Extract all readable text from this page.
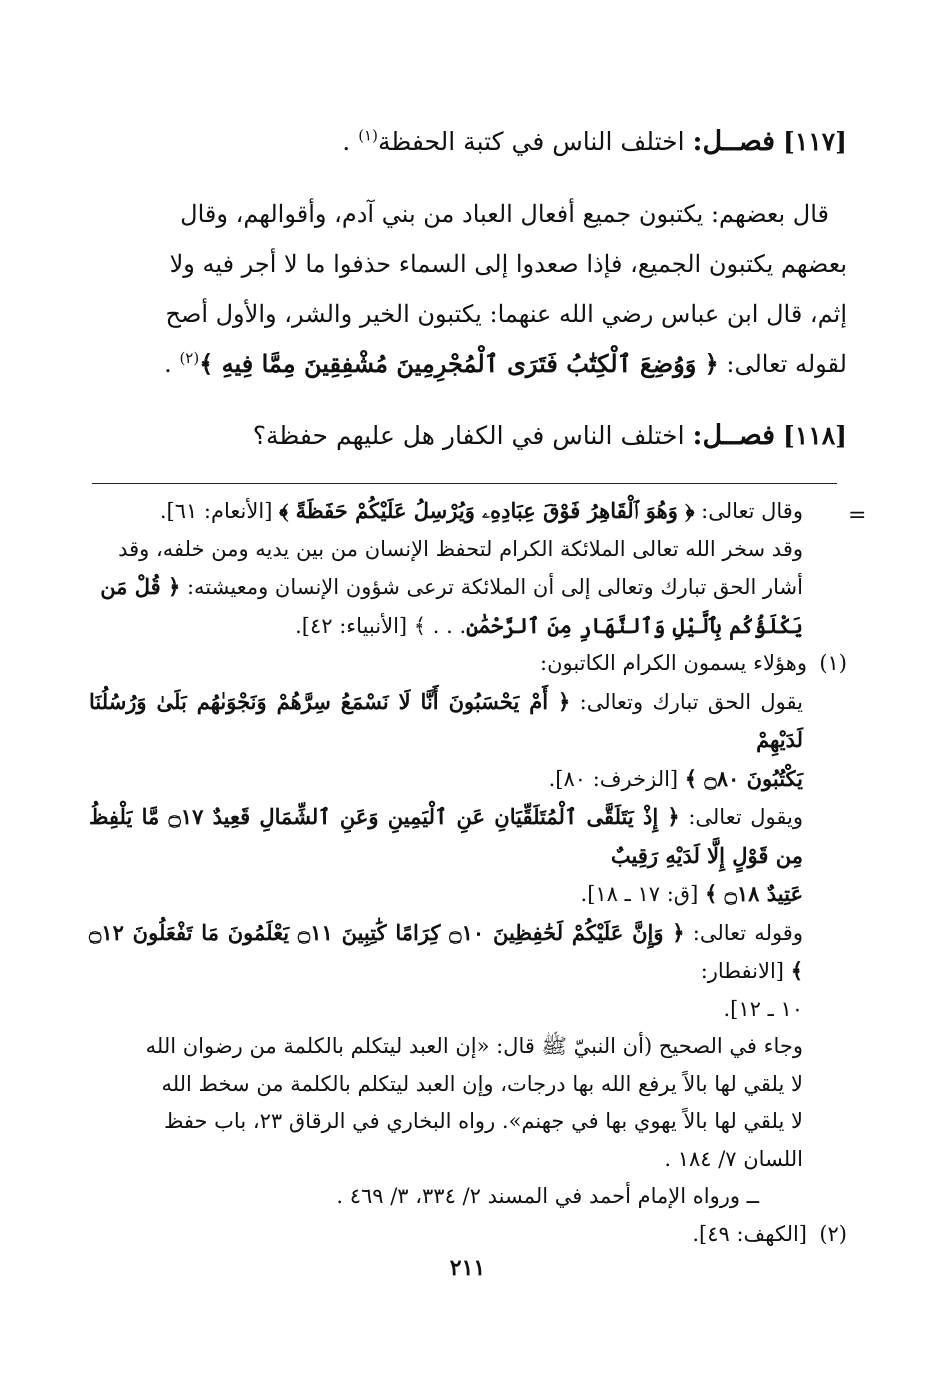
[١١٧] فصــل: اختلف الناس في كتبة الحفظة$^{(١)}$ .
قال بعضهم: يكتبون جميع أفعال العباد من بني آدم، وأقوالهم، وقال
بعضهم يكتبون الجميع، فإذا صعدوا إلى السماء حذفوا ما لا أجر فيه ولا
إثم، قال ابن عباس رضي الله عنهما: يكتبون الخير والشر، والأول أصح
لقوله تعالى: ﴿ وَوُضِعَ ٱلْكِتَٰبُ فَتَرَى ٱلْمُجْرِمِينَ مُشْفِقِينَ مِمَّا فِيهِ ﴾$^{(٢)}$ .
[١١٨] فصــل: اختلف الناس في الكفار هل عليهم حفظة؟
=

وقال تعالى: ﴿ وَهُوَ ٱلْقَاهِرُ فَوْقَ عِبَادِهِۦ وَيُرْسِلُ عَلَيْكُمْ حَفَظَةً ﴾ [الأنعام: ٦١].

وقد سخر الله تعالى الملائكة الكرام لتحفظ الإنسان من بين يديه ومن خلفه، وقد

أشار الحق تبارك وتعالى إلى أن الملائكة ترعى شؤون الإنسان ومعيشته: ﴿ قُلْ مَن

يَكْلَؤُكُم بِٱلَّيْلِ وَٱلنَّهَارِ مِنَ ٱلرَّحْمَٰنِ. . . ﴾ [الأنبياء: ٤٢].

(١)وهؤلاء يسمون الكرام الكاتبون:

يقول الحق تبارك وتعالى: ﴿ أَمْ يَحْسَبُونَ أَنَّا لَا نَسْمَعُ سِرَّهُمْ وَنَجْوَىٰهُم بَلَىٰ وَرُسُلُنَا لَدَيْهِمْ

يَكْتُبُونَ ۝٨٠ ﴾ [الزخرف: ٨٠].

ويقول تعالى: ﴿ إِذْ يَتَلَقَّى ٱلْمُتَلَقِّيَانِ عَنِ ٱلْيَمِينِ وَعَنِ ٱلشِّمَالِ قَعِيدٌ ۝١٧ مَّا يَلْفِظُ مِن قَوْلٍ إِلَّا لَدَيْهِ رَقِيبٌ

عَتِيدٌ ۝١٨ ﴾ [ق: ١٧ ـ ١٨].

وقوله تعالى: ﴿ وَإِنَّ عَلَيْكُمْ لَحَٰفِظِينَ ۝١٠ كِرَامًا كَٰتِبِينَ ۝١١ يَعْلَمُونَ مَا تَفْعَلُونَ ۝١٢ ﴾ [الانفطار:

١٠ ـ ١٢].

وجاء في الصحيح (أن النبيّ ﷺ قال: «إن العبد ليتكلم بالكلمة من رضوان الله

لا يلقي لها بالاً يرفع الله بها درجات، وإن العبد ليتكلم بالكلمة من سخط الله

لا يلقي لها بالاً يهوي بها في جهنم». رواه البخاري في الرقاق ٢٣، باب حفظ

اللسان ٧/ ١٨٤ .

ــ ورواه الإمام أحمد في المسند ٢/ ٣٣٤، ٣/ ٤٦٩ .

(٢)[الكهف: ٤٩].

٢١١
